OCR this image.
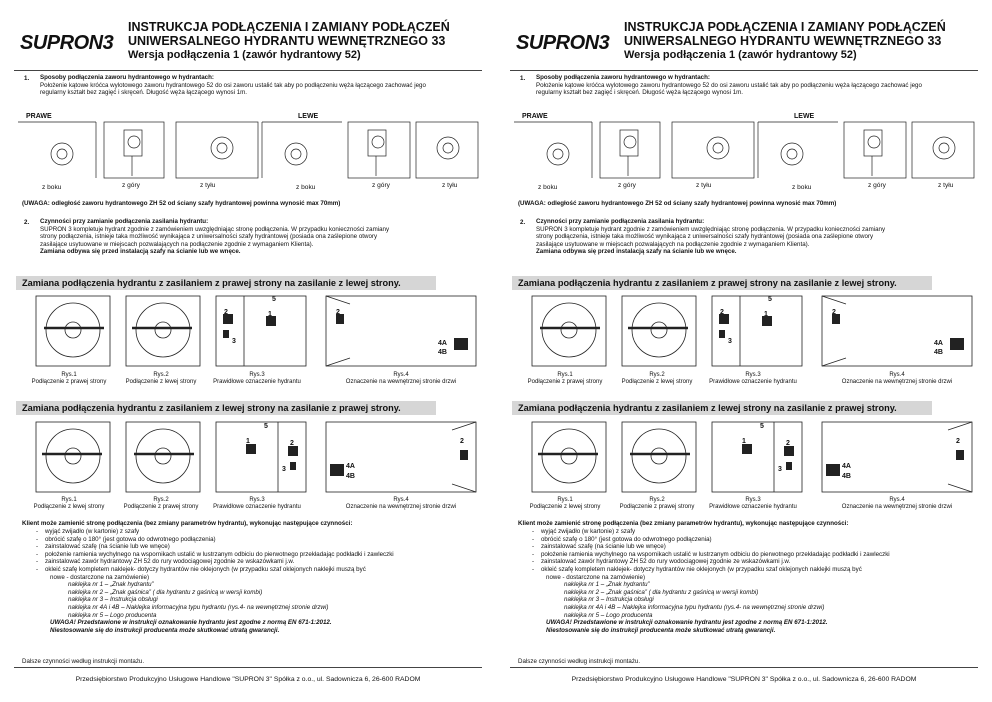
SUPRON3
INSTRUKCJA PODŁĄCZENIA I ZAMIANY PODŁĄCZEŃ
UNIWERSALNEGO HYDRANTU WEWNĘTRZNEGO 33
Wersja podłączenia 1 (zawór hydrantowy 52)
1. Sposoby podłączenia zaworu hydrantowego w hydrantach:
Położenie kątowe króćca wylotowego zaworu hydrantowego 52 do osi zaworu ustalić tak aby po podłączeniu węża łączącego zachować jego
regularny kształt bez zagięć i skręceń. Długość węża łączącego wynosi 1m.
PRAWE	LEWE
z boku	z góry	z tyłu	z boku	z góry	z tyłu
(UWAGA: odległość zaworu hydrantowego ZH 52 od ściany szafy hydrantowej powinna wynosić max 70mm)
2. Czynności przy zamianie podłączenia zasilania hydrantu:
SUPRON 3 kompletuje hydrant zgodnie z zamówieniem uwzględniając stronę podłączenia. W przypadku konieczności zamiany
strony podłączenia, istnieje taka możliwość wynikająca z uniwersalności szafy hydrantowej (posiada ona zaślepione otwory
zasilające usytuowane w miejscach pozwalających na podłączenie zgodnie z wymaganiem Klienta).
Zamiana odbywa się przed instalacją szafy na ścianie lub we wnęce.
Zamiana podłączenia hydrantu z zasilaniem z prawej strony na zasilanie z lewej strony.
5
2	1
3
2
4A
4B
Rys.1
Podłączenie z prawej strony
Rys.2
Podłączenie z lewej strony
Rys.3
Prawidłowe oznaczenie hydrantu
Rys.4
Oznaczenie na wewnętrznej stronie drzwi
Zamiana podłączenia hydrantu z zasilaniem z lewej strony na zasilanie z prawej strony.
5
1	2
3
2
4A
4B
Rys.1
Podłączenie z lewej strony
Rys.2
Podłączenie z prawej strony
Rys.3
Prawidłowe oznaczenie hydrantu
Rys.4
Oznaczenie na wewnętrznej stronie drzwi
Klient może zamienić stronę podłączenia (bez zmiany parametrów hydrantu), wykonując następujące czynności:
-    wyjąć zwijadło (w kartonie) z szafy
-    obrócić szafę o 180° (jest gotowa do odwrotnego podłączenia)
-    zainstalować szafę (na ścianie lub we wnęce)
-    położenie ramienia wychylnego na wspornikach ustalić w lustrzanym odbiciu do pierwotnego przekładając podkładki i zawleczki
-    zainstalować zawór hydrantowy ZH 52 do rury wodociągowej zgodnie ze wskazówkami j.w.
-    okleić szafę kompletem naklejek- dotyczy hydrantów nie oklejonych (w przypadku szaf oklejonych naklejki muszą być
nowe - dostarczone na zamówienie)
naklejka nr 1 – „Znak hydrantu”
naklejka nr 2 – „Znak gaśnica” ( dla hydrantu z gaśnicą w wersji kombi)
naklejka nr 3 – Instrukcja obsługi
naklejka nr 4A i 4B – Naklejka informacyjna typu hydrantu (rys.4- na wewnętrznej stronie drzwi)
naklejka nr 5 – Logo producenta
UWAGA! Przedstawione w instrukcji oznakowanie hydrantu jest zgodne z normą EN 671-1:2012.
Niestosowanie się do instrukcji producenta może skutkować utratą gwarancji.
Dalsze czynności według instrukcji montażu.
Przedsiębiorstwo Produkcyjno Usługowe Handlowe "SUPRON 3" Spółka z o.o., ul. Sadownicza 6, 26-600 RADOM
SUPRON3
INSTRUKCJA PODŁĄCZENIA I ZAMIANY PODŁĄCZEŃ
UNIWERSALNEGO HYDRANTU WEWNĘTRZNEGO 33
Wersja podłączenia 1 (zawór hydrantowy 52)
1. Sposoby podłączenia zaworu hydrantowego w hydrantach:
Położenie kątowe króćca wylotowego zaworu hydrantowego 52 do osi zaworu ustalić tak aby po podłączeniu węża łączącego zachować jego
regularny kształt bez zagięć i skręceń. Długość węża łączącego wynosi 1m.
PRAWE	LEWE
z boku	z góry	z tyłu	z boku	z góry	z tyłu
(UWAGA: odległość zaworu hydrantowego ZH 52 od ściany szafy hydrantowej powinna wynosić max 70mm)
2. Czynności przy zamianie podłączenia zasilania hydrantu:
SUPRON 3 kompletuje hydrant zgodnie z zamówieniem uwzględniając stronę podłączenia. W przypadku konieczności zamiany
strony podłączenia, istnieje taka możliwość wynikająca z uniwersalności szafy hydrantowej (posiada ona zaślepione otwory
zasilające usytuowane w miejscach pozwalających na podłączenie zgodnie z wymaganiem Klienta).
Zamiana odbywa się przed instalacją szafy na ścianie lub we wnęce.
Zamiana podłączenia hydrantu z zasilaniem z prawej strony na zasilanie z lewej strony.
5
2	1
3
2
4A
4B
Rys.1
Podłączenie z prawej strony
Rys.2
Podłączenie z lewej strony
Rys.3
Prawidłowe oznaczenie hydrantu
Rys.4
Oznaczenie na wewnętrznej stronie drzwi
Zamiana podłączenia hydrantu z zasilaniem z lewej strony na zasilanie z prawej strony.
5
1	2
3
2
4A
4B
Rys.1
Podłączenie z lewej strony
Rys.2
Podłączenie z prawej strony
Rys.3
Prawidłowe oznaczenie hydrantu
Rys.4
Oznaczenie na wewnętrznej stronie drzwi
Klient może zamienić stronę podłączenia (bez zmiany parametrów hydrantu), wykonując następujące czynności:
-    wyjąć zwijadło (w kartonie) z szafy
-    obrócić szafę o 180° (jest gotowa do odwrotnego podłączenia)
-    zainstalować szafę (na ścianie lub we wnęce)
-    położenie ramienia wychylnego na wspornikach ustalić w lustrzanym odbiciu do pierwotnego przekładając podkładki i zawleczki
-    zainstalować zawór hydrantowy ZH 52 do rury wodociągowej zgodnie ze wskazówkami j.w.
-    okleić szafę kompletem naklejek- dotyczy hydrantów nie oklejonych (w przypadku szaf oklejonych naklejki muszą być
nowe - dostarczone na zamówienie)
naklejka nr 1 – „Znak hydrantu”
naklejka nr 2 – „Znak gaśnica” ( dla hydrantu z gaśnicą w wersji kombi)
naklejka nr 3 – Instrukcja obsługi
naklejka nr 4A i 4B – Naklejka informacyjna typu hydrantu (rys.4- na wewnętrznej stronie drzwi)
naklejka nr 5 – Logo producenta
UWAGA! Przedstawione w instrukcji oznakowanie hydrantu jest zgodne z normą EN 671-1:2012.
Niestosowanie się do instrukcji producenta może skutkować utratą gwarancji.
Dalsze czynności według instrukcji montażu.
Przedsiębiorstwo Produkcyjno Usługowe Handlowe "SUPRON 3" Spółka z o.o., ul. Sadownicza 6, 26-600 RADOM
